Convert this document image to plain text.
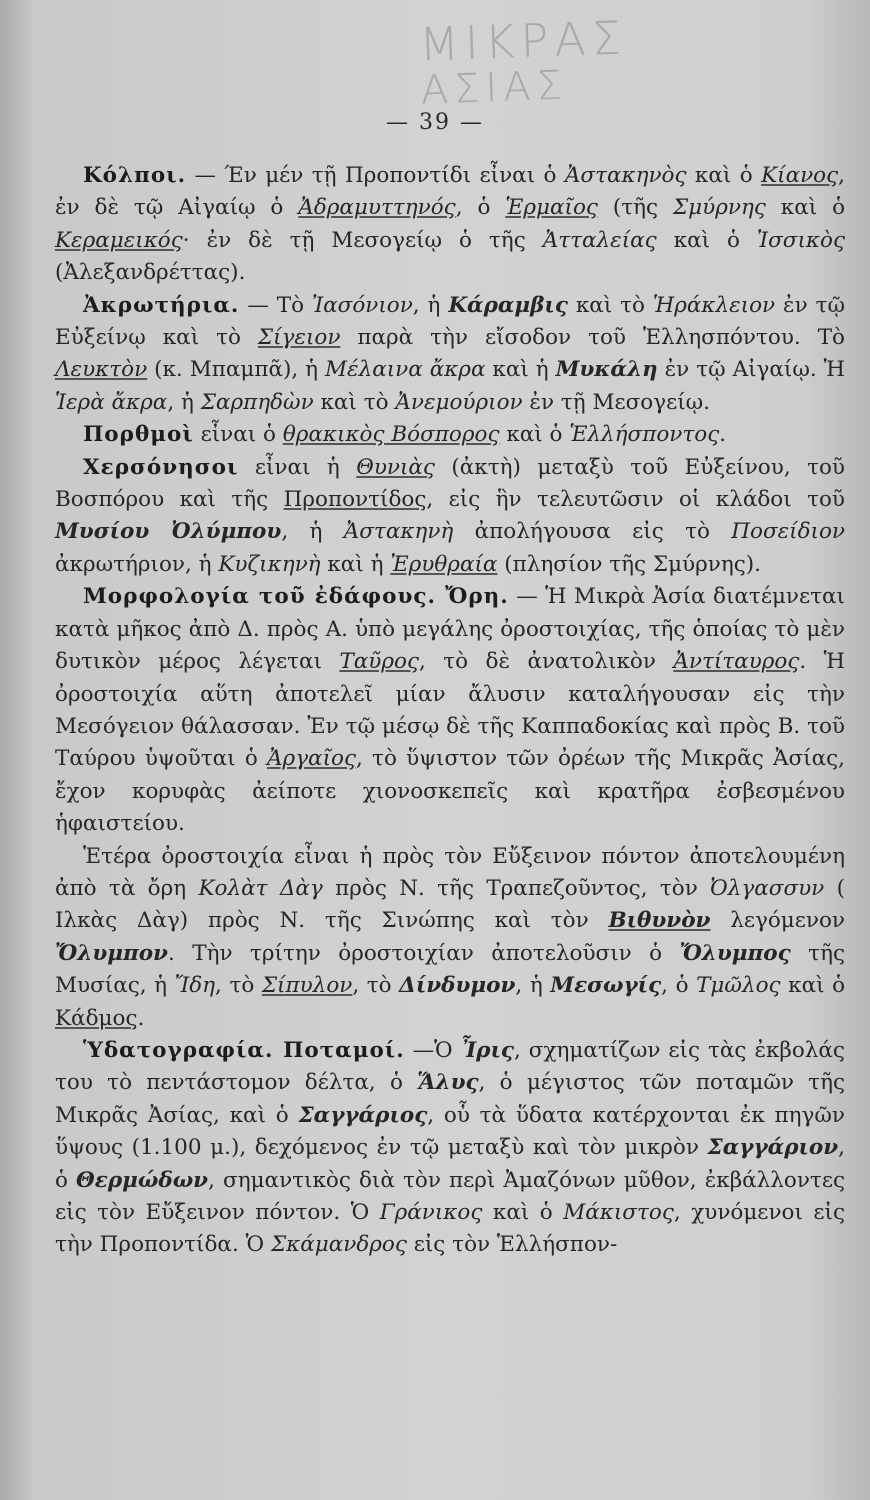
ΜΙΚΡΑΣ
ΑΣΙΑΣ
— 39 —

Κόλποι. — Έν μέν τῇ Προποντίδι εἶναι ὁ Ἀστακηνὸς καὶ ὁ Κίανος, ἐν δὲ τῷ Αἰγαίῳ ὁ Ἀδραμυττηνός, ὁ Ἑρμαῖος (τῆς Σμύρνης καὶ ὁ Κεραμεικός· ἐν δὲ τῇ Μεσογείῳ ὁ τῆς Ἀτταλείας καὶ ὁ Ἰσσικὸς (Ἀλεξανδρέττας).

Ἀκρωτήρια. — Τὸ Ἰασόνιον, ἡ Κάραμβις καὶ τὸ Ἡράκλειον ἐν τῷ Εὐξείνῳ καὶ τὸ Σίγειον παρὰ τὴν εἴσοδον τοῦ Ἑλλησπόντου. Τὸ Λευκτὸν (κ. Μπαμπᾶ), ἡ Μέλαινα ἄκρα καὶ ἡ Μυκάλη ἐν τῷ Αἰγαίῳ. Ἡ Ἱερὰ ἄκρα, ἡ Σαρπηδὼν καὶ τὸ Ἀνεμούριον ἐν τῇ Μεσογείῳ.

Πορθμοὶ εἶναι ὁ θρακικὸς Βόσπορος καὶ ὁ Ἑλλήσποντος.

Χερσόνησοι εἶναι ἡ Θυνιὰς (ἀκτὴ) μεταξὺ τοῦ Εὐξείνου, τοῦ Βοσπόρου καὶ τῆς Προποντίδος, εἰς ἣν τελευτῶσιν οἱ κλάδοι τοῦ Μυσίου Ὀλύμπου, ἡ Ἀστακηνὴ ἀπολήγουσα εἰς τὸ Ποσείδιον ἀκρωτήριον, ἡ Κυζικηνὴ καὶ ἡ Ἐρυθραία (πλησίον τῆς Σμύρνης).

Μορφολογία τοῦ ἐδάφους. Ὄρη. — Ἡ Μικρὰ Ἀσία διατέμνεται κατὰ μῆκος ἀπὸ Δ. πρὸς Α. ὑπὸ μεγάλης ὀροστοιχίας, τῆς ὁποίας τὸ μὲν δυτικὸν μέρος λέγεται Ταῦρος, τὸ δὲ ἀνατολικὸν Ἀντίταυρος. Ἡ ὀροστοιχία αὕτη ἀποτελεῖ μίαν ἄλυσιν καταλήγουσαν εἰς τὴν Μεσόγειον θάλασσαν. Ἐν τῷ μέσῳ δὲ τῆς Καππαδοκίας καὶ πρὸς Β. τοῦ Ταύρου ὑψοῦται ὁ Ἀργαῖος, τὸ ὕψιστον τῶν ὀρέων τῆς Μικρᾶς Ἀσίας, ἔχον κορυφὰς ἀείποτε χιονοσκεπεῖς καὶ κρατῆρα ἐσβεσμένου ἡφαιστείου.

Ἑτέρα ὀροστοιχία εἶναι ἡ πρὸς τὸν Εὔξεινον πόντον ἀποτελουμένη ἀπὸ τὰ ὄρη Κολὰτ Δὰγ πρὸς Ν. τῆς Τραπεζοῦντος, τὸν Ὀλγασσυν ( Ιλκὰς Δὰγ) πρὸς Ν. τῆς Σινώπης καὶ τὸν Βιθυνὸν λεγόμενον Ὄλυμπον. Τὴν τρίτην ὀροστοιχίαν ἀποτελοῦσιν ὁ Ὄλυμπος τῆς Μυσίας, ἡ Ἴδη, τὸ Σίπυλον, τὸ Δίνδυμον, ἡ Μεσωγίς, ὁ Τμῶλος καὶ ὁ Κάδμος.

Ὑδατογραφία. Ποταμοί. —Ὁ Ἶρις, σχηματίζων εἰς τὰς ἐκβολάς του τὸ πεντάστομον δέλτα, ὁ Ἅλυς, ὁ μέγιστος τῶν ποταμῶν τῆς Μικρᾶς Ἀσίας, καὶ ὁ Σαγγάριος, οὗ τὰ ὕδατα κατέρχονται ἐκ πηγῶν ὕψους (1.100 μ.), δεχόμενος ἐν τῷ μεταξὺ καὶ τὸν μικρὸν Σαγγάριον, ὁ Θερμώδων, σημαντικὸς διὰ τὸν περὶ Ἀμαζόνων μῦθον, ἐκβάλλοντες εἰς τὸν Εὔξεινον πόντον. Ὁ Γράνικος καὶ ὁ Μάκιστος, χυνόμενοι εἰς τὴν Προποντίδα. Ὁ Σκάμανδρος εἰς τὸν Ἑλλήσπον-
